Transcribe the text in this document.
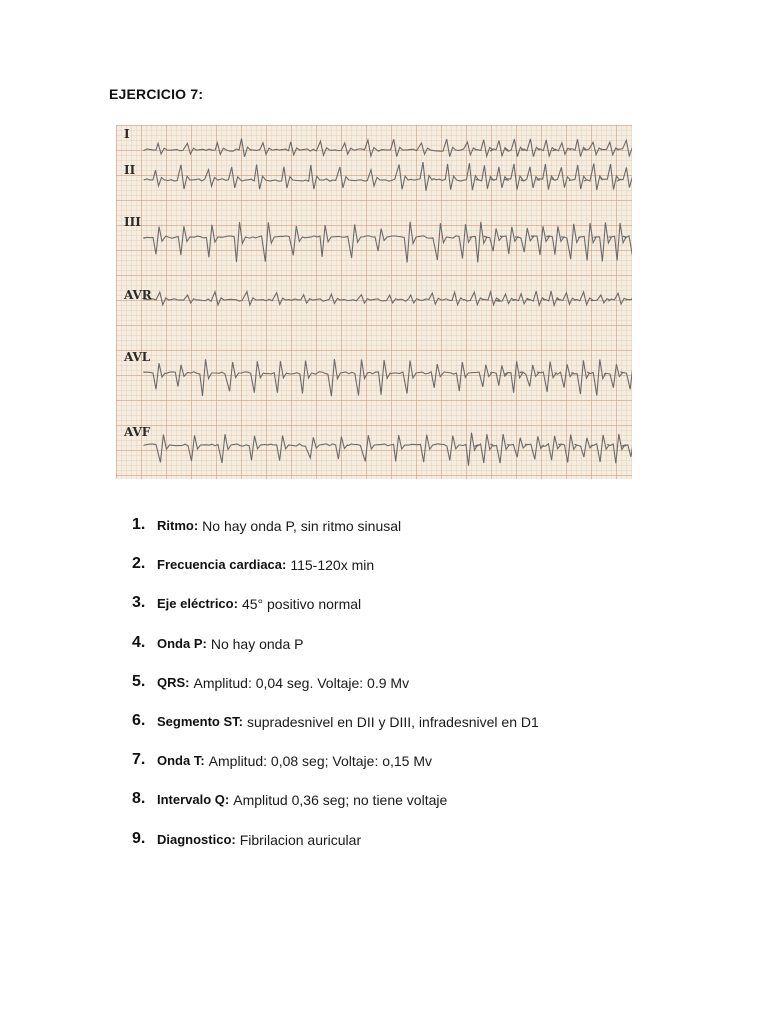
EJERCICIO 7:
I
II
III
AVR
AVL
AVF
1. Ritmo: No hay onda P, sin ritmo sinusal
2. Frecuencia cardiaca: 115-120x min
3. Eje eléctrico: 45° positivo normal
4. Onda P: No hay onda P
5. QRS: Amplitud: 0,04 seg. Voltaje: 0.9 Mv
6. Segmento ST: supradesnivel en DII y DIII, infradesnivel en D1
7. Onda T: Amplitud: 0,08 seg; Voltaje: o,15 Mv
8. Intervalo Q: Amplitud 0,36 seg; no tiene voltaje
9. Diagnostico: Fibrilacion auricular
